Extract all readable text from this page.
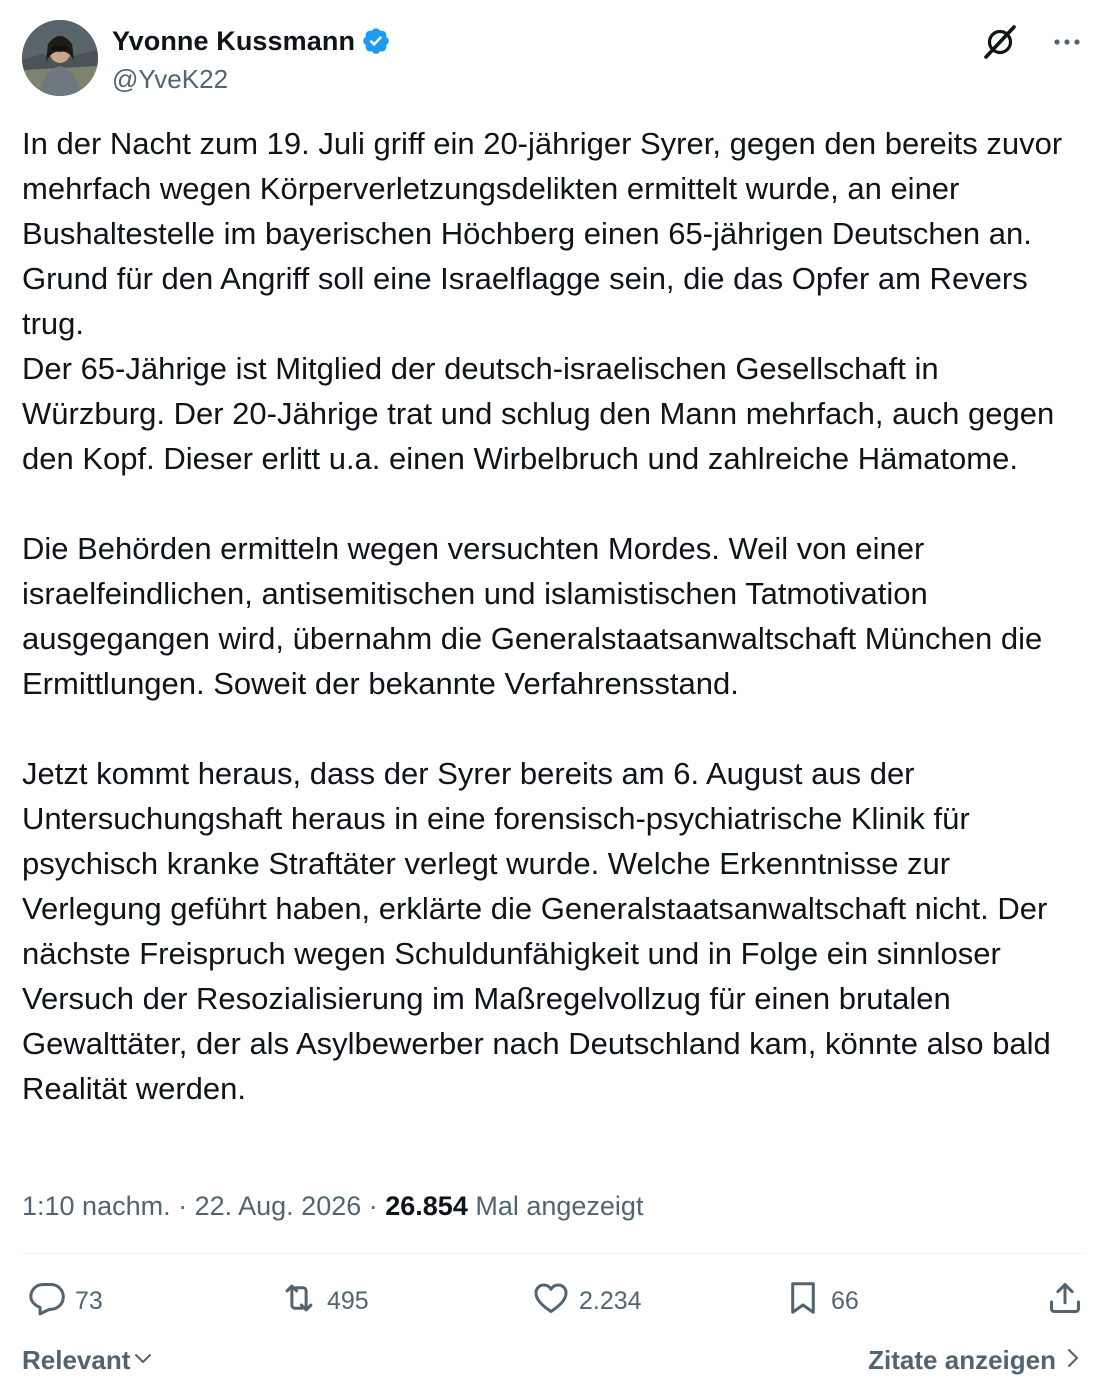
Yvonne Kussmann
@YveK22

In der Nacht zum 19. Juli griff ein 20-jähriger Syrer, gegen den bereits zuvor mehrfach wegen Körperverletzungsdelikten ermittelt wurde, an einer Bushaltestelle im bayerischen Höchberg einen 65-jährigen Deutschen an. Grund für den Angriff soll eine Israelflagge sein, die das Opfer am Revers trug.
Der 65-Jährige ist Mitglied der deutsch-israelischen Gesellschaft in Würzburg. Der 20-Jährige trat und schlug den Mann mehrfach, auch gegen den Kopf. Dieser erlitt u.a. einen Wirbelbruch und zahlreiche Hämatome.

Die Behörden ermitteln wegen versuchten Mordes. Weil von einer israelfeindlichen, antisemitischen und islamistischen Tatmotivation ausgegangen wird, übernahm die Generalstaatsanwaltschaft München die Ermittlungen. Soweit der bekannte Verfahrensstand.

Jetzt kommt heraus, dass der Syrer bereits am 6. August aus der Untersuchungshaft heraus in eine forensisch-psychiatrische Klinik für psychisch kranke Straftäter verlegt wurde. Welche Erkenntnisse zur Verlegung geführt haben, erklärte die Generalstaatsanwaltschaft nicht. Der nächste Freispruch wegen Schuldunfähigkeit und in Folge ein sinnloser Versuch der Resozialisierung im Maßregelvollzug für einen brutalen Gewalttäter, der als Asylbewerber nach Deutschland kam, könnte also bald Realität werden.

1:10 nachm. · 22. Aug. 2026 · 26.854 Mal angezeigt
73	495	2.234	66
Relevant	Zitate anzeigen
